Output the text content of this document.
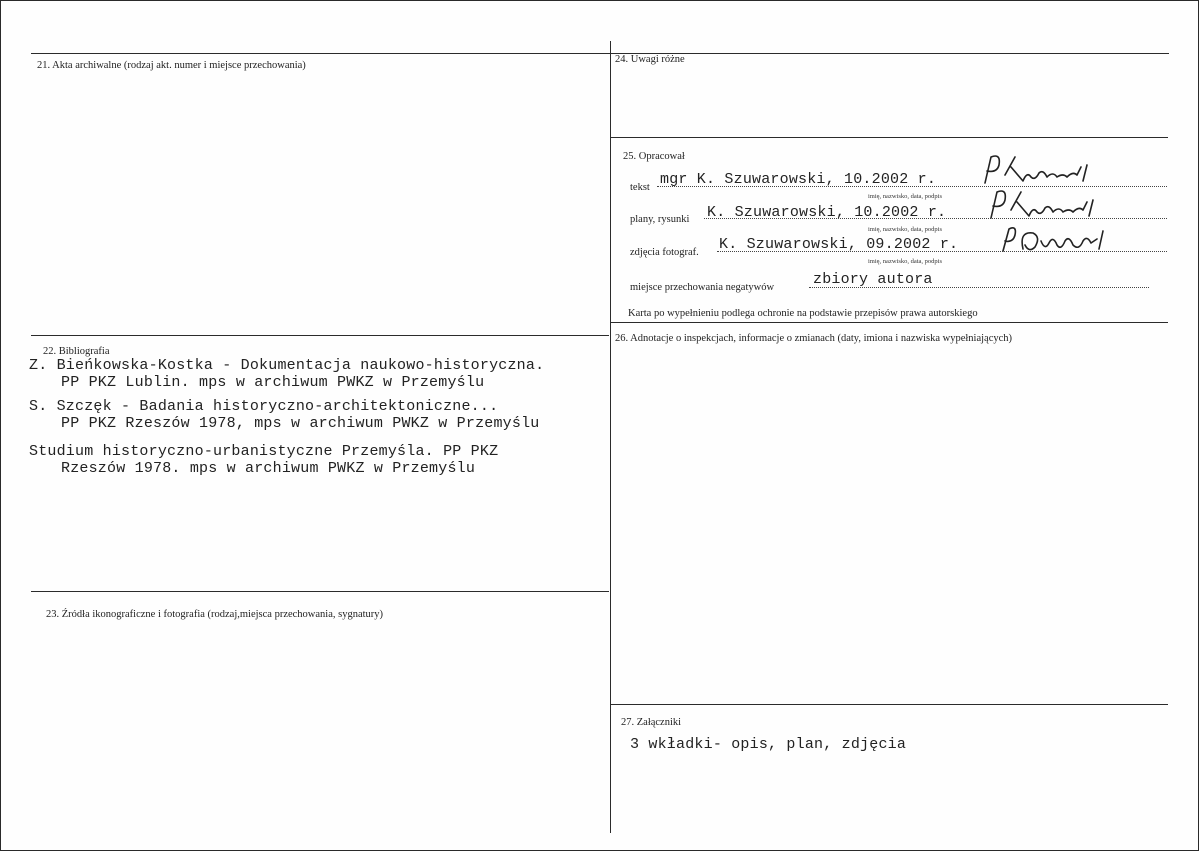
21. Akta archiwalne (rodzaj akt. numer i miejsce przechowania)
22. Bibliografia
Z. Bieńkowska-Kostka - Dokumentacja naukowo-historyczna.
PP PKZ Lublin. mps w archiwum PWKZ w Przemyślu
S. Szczęk - Badania historyczno-architektoniczne...
PP PKZ Rzeszów 1978, mps w archiwum PWKZ w Przemyślu
Studium historyczno-urbanistyczne Przemyśla. PP PKZ
Rzeszów 1978. mps w archiwum PWKZ w Przemyślu
23. Źródła ikonograficzne i fotografia (rodzaj,miejsca przechowania, sygnatury)
24. Uwagi różne
25. Opracował
tekst mgr K. Szuwarowski, 10.2002 r.
imię, nazwisko, data, podpis
plany, rysunki K. Szuwarowski, 10.2002 r.
imię, nazwisko, data, podpis
zdjęcia fotograf. K. Szuwarowski, 09.2002 r.
imię, nazwisko, data, podpis
miejsce przechowania negatywów	zbiory autora
Karta po wypełnieniu podlega ochronie na podstawie przepisów prawa autorskiego
26. Adnotacje o inspekcjach, informacje o zmianach (daty, imiona i nazwiska wypełniających)
27. Załączniki
3 wkładki- opis, plan, zdjęcia
